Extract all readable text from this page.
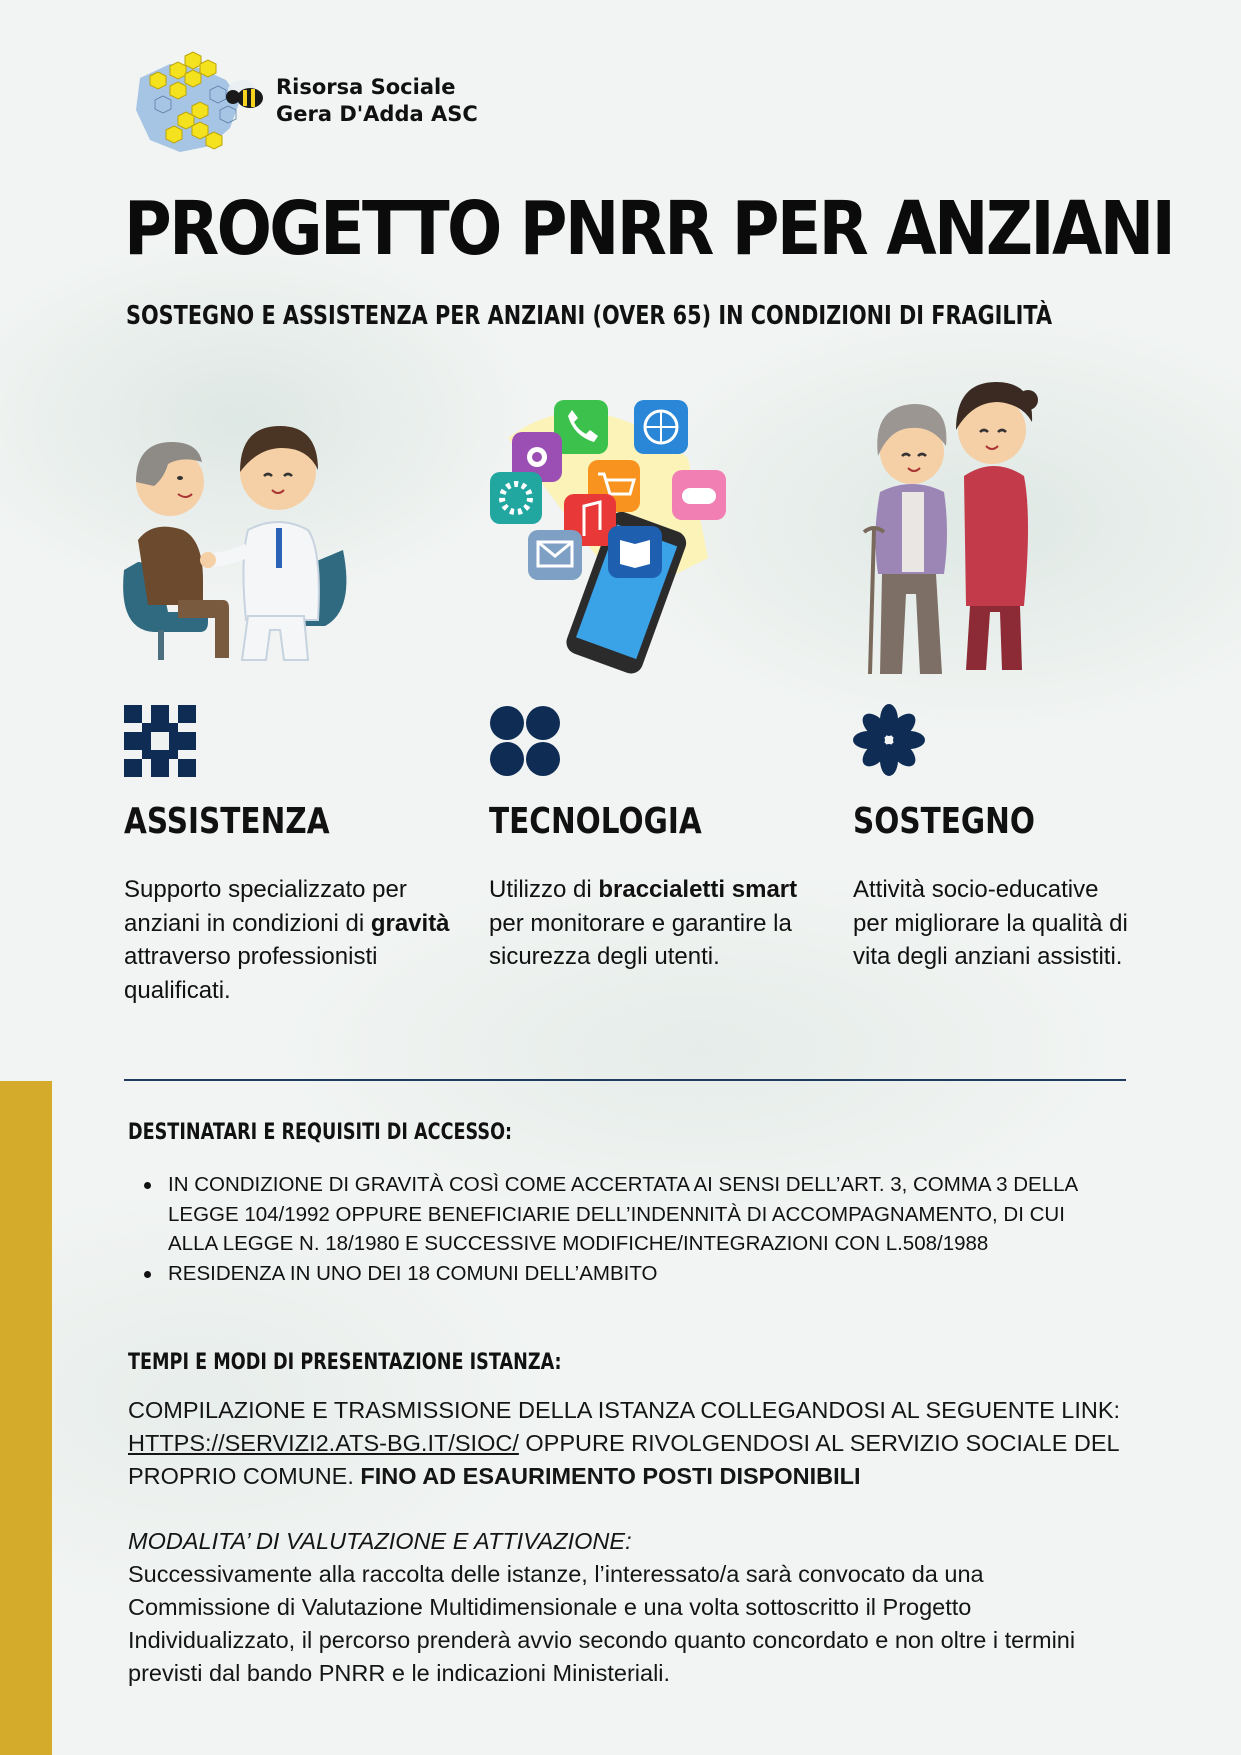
Risorsa Sociale
Gera D'Adda ASC
PROGETTO PNRR PER ANZIANI
SOSTEGNO E ASSISTENZA PER ANZIANI (OVER 65) IN CONDIZIONI DI FRAGILITÀ
ASSISTENZA	TECNOLOGIA	SOSTEGNO
Supporto specializzato per anziani in condizioni di gravità attraverso professionisti qualificati.
Utilizzo di braccialetti smart per monitorare e garantire la sicurezza degli utenti.
Attività socio-educative per migliorare la qualità di vita degli anziani assistiti.
DESTINATARI E REQUISITI DI ACCESSO:
IN CONDIZIONE DI GRAVITÀ COSÌ COME ACCERTATA AI SENSI DELL’ART. 3, COMMA 3 DELLA LEGGE 104/1992 OPPURE BENEFICIARIE DELL’INDENNITÀ DI ACCOMPAGNAMENTO, DI CUI ALLA LEGGE N. 18/1980 E SUCCESSIVE MODIFICHE/INTEGRAZIONI CON L.508/1988
RESIDENZA IN UNO DEI 18 COMUNI DELL’AMBITO
TEMPI E MODI DI PRESENTAZIONE ISTANZA:
COMPILAZIONE E TRASMISSIONE DELLA ISTANZA COLLEGANDOSI AL SEGUENTE LINK: HTTPS://SERVIZI2.ATS-BG.IT/SIOC/ OPPURE RIVOLGENDOSI AL SERVIZIO SOCIALE DEL PROPRIO COMUNE. FINO AD ESAURIMENTO POSTI DISPONIBILI
MODALITA’ DI VALUTAZIONE E ATTIVAZIONE:
Successivamente alla raccolta delle istanze, l’interessato/a sarà convocato da una Commissione di Valutazione Multidimensionale e una volta sottoscritto il Progetto Individualizzato, il percorso prenderà avvio secondo quanto concordato e non oltre i termini previsti dal bando PNRR e le indicazioni Ministeriali.
